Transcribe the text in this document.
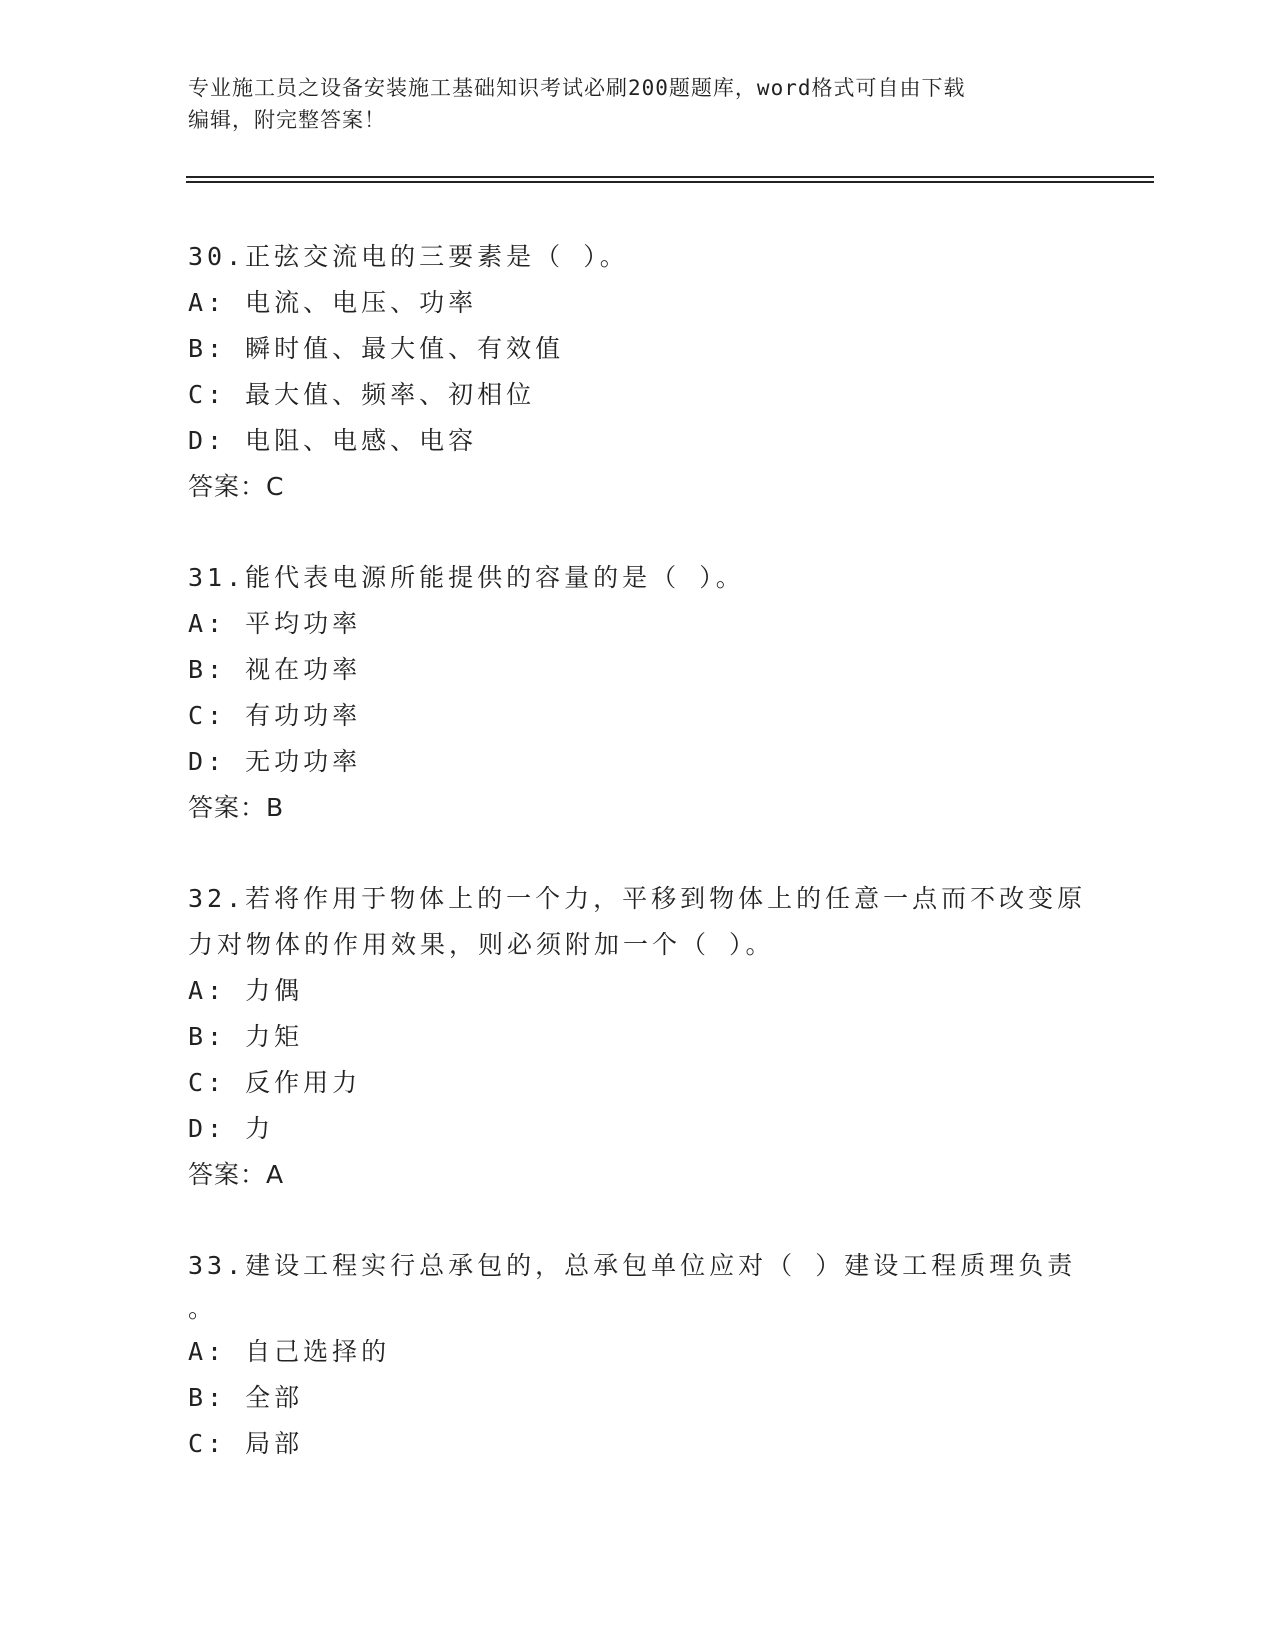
专业施工员之设备安装施工基础知识考试必刷200题题库，word格式可自由下载
编辑，附完整答案！
30.正弦交流电的三要素是（ ）。
A: 电流、电压、功率
B: 瞬时值、最大值、有效值
C: 最大值、频率、初相位
D: 电阻、电感、电容
答案：C
31.能代表电源所能提供的容量的是（ ）。
A: 平均功率
B: 视在功率
C: 有功功率
D: 无功功率
答案：B
32.若将作用于物体上的一个力，平移到物体上的任意一点而不改变原
力对物体的作用效果，则必须附加一个（ ）。
A: 力偶
B: 力矩
C: 反作用力
D: 力
答案：A
33.建设工程实行总承包的，总承包单位应对（ ）建设工程质理负责
。
A: 自己选择的
B: 全部
C: 局部
